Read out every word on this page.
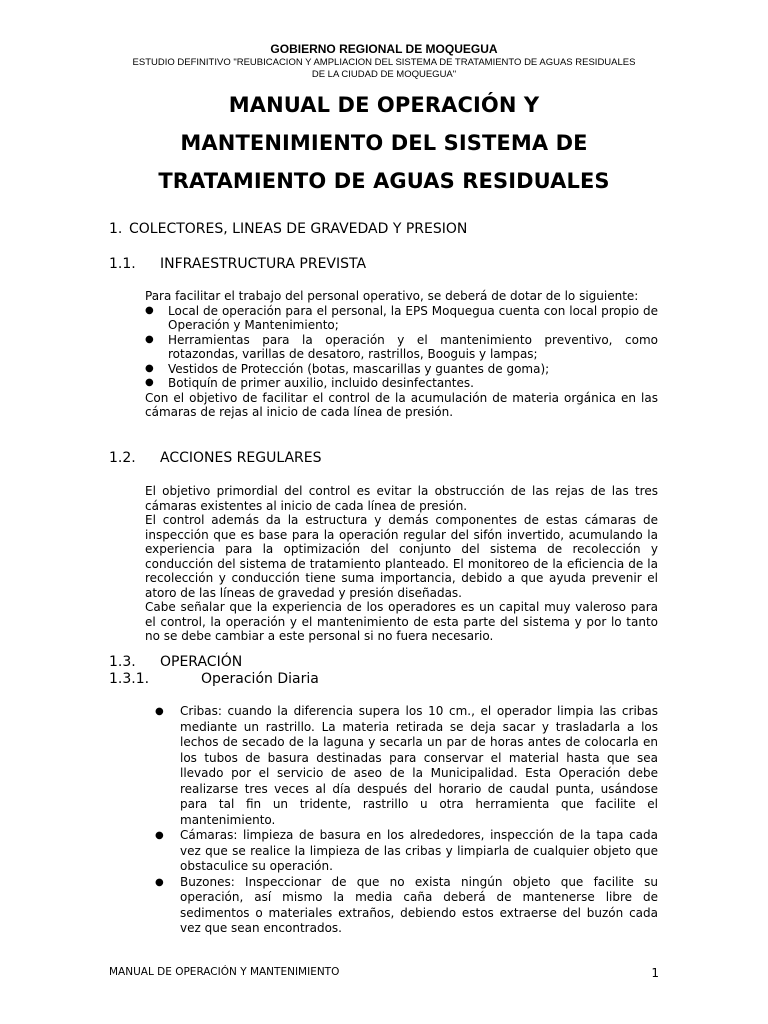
GOBIERNO REGIONAL DE MOQUEGUA
ESTUDIO DEFINITIVO "REUBICACION Y AMPLIACION DEL SISTEMA DE TRATAMIENTO DE AGUAS RESIDUALES
DE LA CIUDAD DE MOQUEGUA"
MANUAL DE OPERACIÓN Y
MANTENIMIENTO DEL SISTEMA DE
TRATAMIENTO DE AGUAS RESIDUALES
1. COLECTORES, LINEAS DE GRAVEDAD Y PRESION
1.1. INFRAESTRUCTURA PREVISTA

Para facilitar el trabajo del personal operativo, se deberá de dotar de lo siguiente:

● Local de operación para el personal, la EPS Moquegua cuenta con local propio de Operación y Mantenimiento;
● Herramientas para la operación y el mantenimiento preventivo, como rotazondas, varillas de desatoro, rastrillos, Booguis y lampas;
● Vestidos de Protección (botas, mascarillas y guantes de goma);
● Botiquín de primer auxilio, incluido desinfectantes.

Con el objetivo de facilitar el control de la acumulación de materia orgánica en las cámaras de rejas al inicio de cada línea de presión.

1.2. ACCIONES REGULARES

El objetivo primordial del control es evitar la obstrucción de las rejas de las tres cámaras existentes al inicio de cada línea de presión.

El control además da la estructura y demás componentes de estas cámaras de inspección que es base para la operación regular del sifón invertido, acumulando la experiencia para la optimización del conjunto del sistema de recolección y conducción del sistema de tratamiento planteado. El monitoreo de la eficiencia de la recolección y conducción tiene suma importancia, debido a que ayuda prevenir el atoro de las líneas de gravedad y presión diseñadas.

Cabe señalar que la experiencia de los operadores es un capital muy valeroso para el control, la operación y el mantenimiento de esta parte del sistema y por lo tanto no se debe cambiar a este personal si no fuera necesario.

1.3. OPERACIÓN
1.3.1.	Operación Diaria
● Cribas: cuando la diferencia supera los 10 cm., el operador limpia las cribas mediante un rastrillo. La materia retirada se deja sacar y trasladarla a los lechos de secado de la laguna y secarla un par de horas antes de colocarla en los tubos de basura destinadas para conservar el material hasta que sea llevado por el servicio de aseo de la Municipalidad. Esta Operación debe realizarse tres veces al día después del horario de caudal punta, usándose para tal fin un tridente, rastrillo u otra herramienta que facilite el mantenimiento.
● Cámaras: limpieza de basura en los alrededores, inspección de la tapa cada vez que se realice la limpieza de las cribas y limpiarla de cualquier objeto que obstaculice su operación.
● Buzones: Inspeccionar de que no exista ningún objeto que facilite su operación, así mismo la media caña deberá de mantenerse libre de sedimentos o materiales extraños, debiendo estos extraerse del buzón cada vez que sean encontrados.
MANUAL DE OPERACIÓN Y MANTENIMIENTO	1
